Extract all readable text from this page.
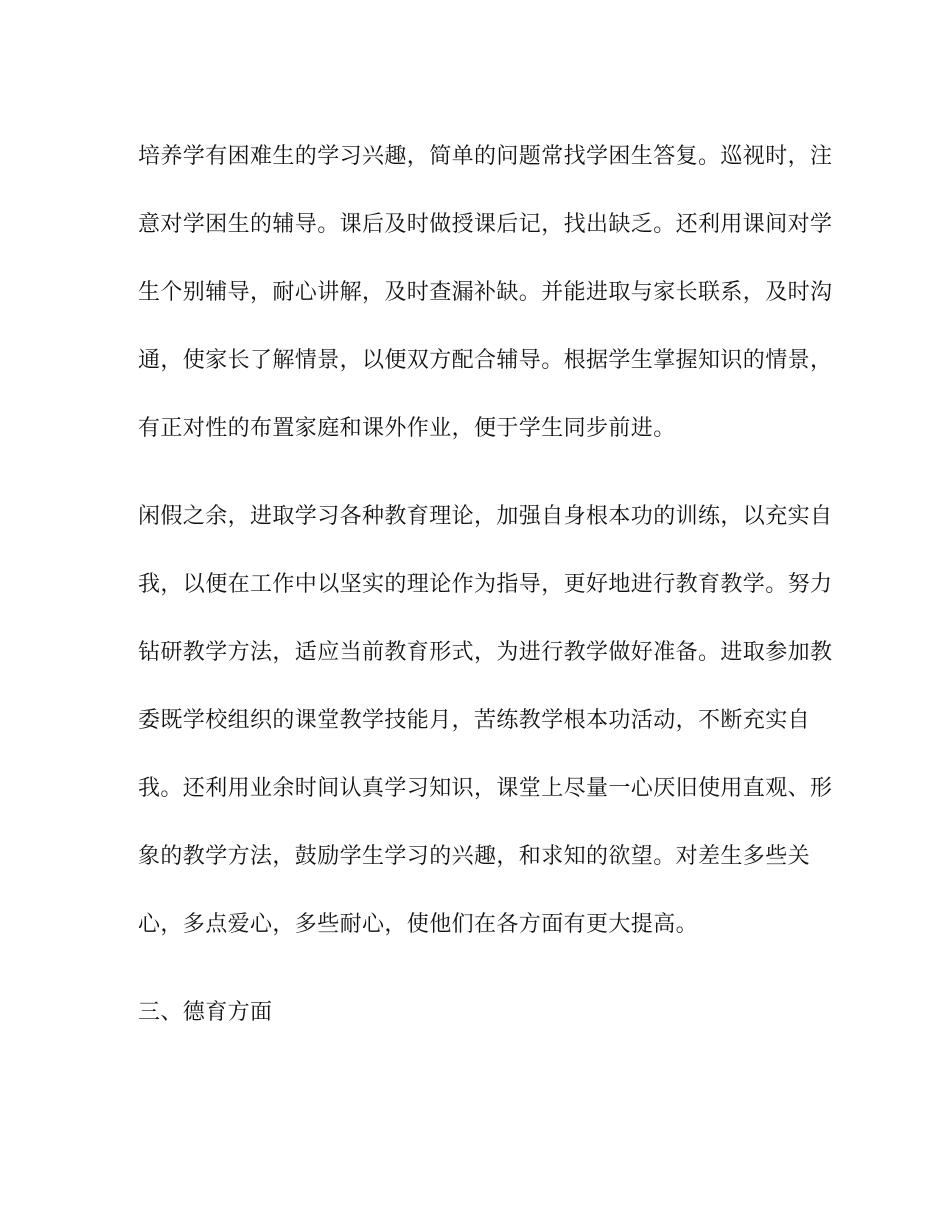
培养学有困难生的学习兴趣，简单的问题常找学困生答复。巡视时，注
意对学困生的辅导。课后及时做授课后记，找出缺乏。还利用课间对学
生个别辅导，耐心讲解，及时查漏补缺。并能进取与家长联系，及时沟
通，使家长了解情景，以便双方配合辅导。根据学生掌握知识的情景，
有正对性的布置家庭和课外作业，便于学生同步前进。
闲假之余，进取学习各种教育理论，加强自身根本功的训练，以充实自
我，以便在工作中以坚实的理论作为指导，更好地进行教育教学。努力
钻研教学方法，适应当前教育形式，为进行教学做好准备。进取参加教
委既学校组织的课堂教学技能月，苦练教学根本功活动，不断充实自
我。还利用业余时间认真学习知识，课堂上尽量一心厌旧使用直观、形
象的教学方法，鼓励学生学习的兴趣，和求知的欲望。对差生多些关
心，多点爱心，多些耐心，使他们在各方面有更大提高。
三、德育方面
